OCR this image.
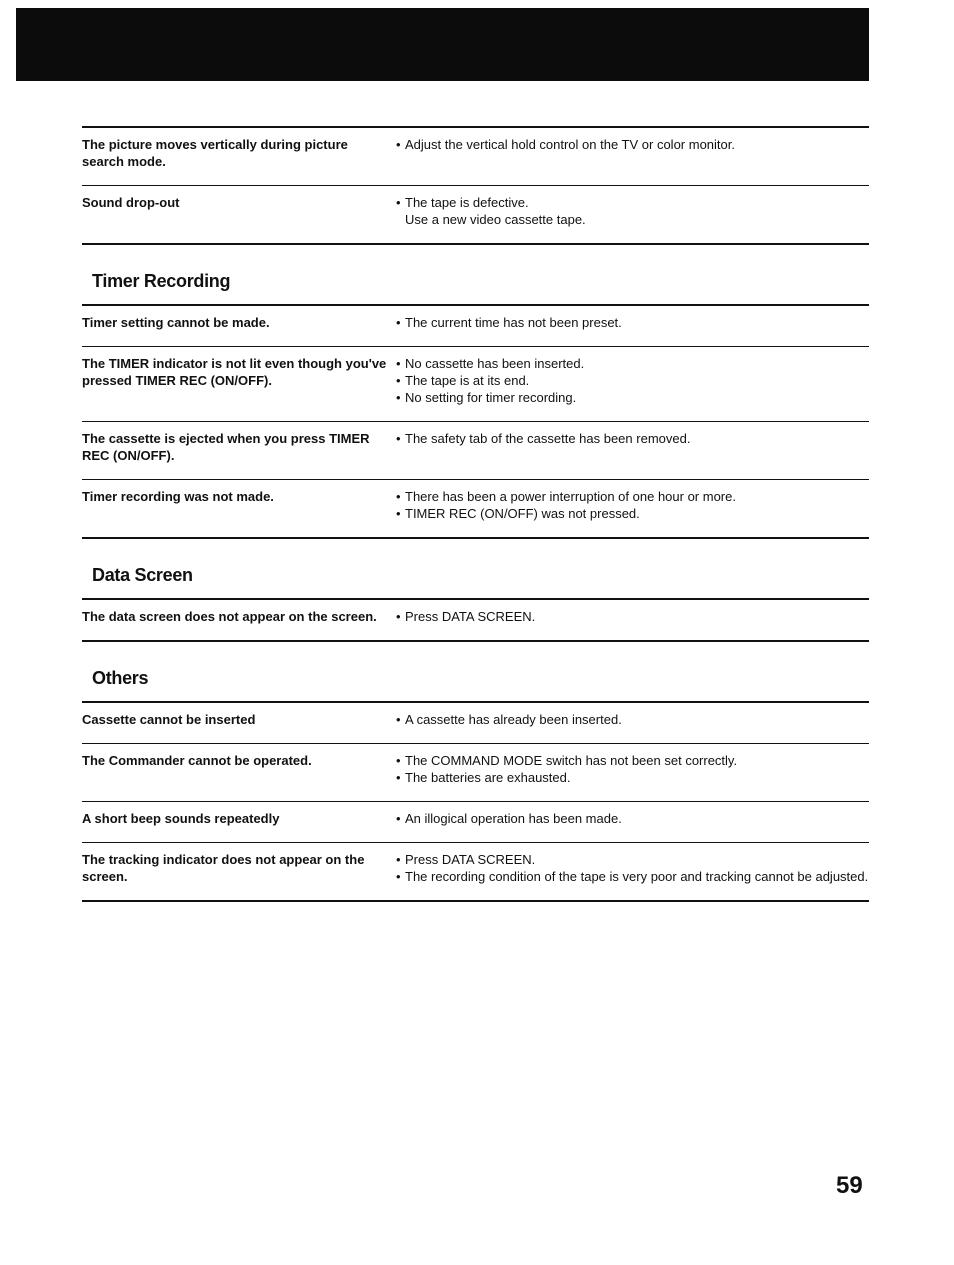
The picture moves vertically during picture search mode.
• Adjust the vertical hold control on the TV or color monitor.
Sound drop-out	• The tape is defective.
Use a new video cassette tape.
Timer Recording
Timer setting cannot be made.	• The current time has not been preset.
The TIMER indicator is not lit even though you've pressed TIMER REC (ON/OFF).
• No cassette has been inserted.
• The tape is at its end.
• No setting for timer recording.
The cassette is ejected when you press TIMER REC (ON/OFF).
• The safety tab of the cassette has been removed.
Timer recording was not made.	• There has been a power interruption of one hour or more.
• TIMER REC (ON/OFF) was not pressed.
Data Screen
The data screen does not appear on the screen.	• Press DATA SCREEN.
Others
Cassette cannot be inserted	• A cassette has already been inserted.
The Commander cannot be operated.	• The COMMAND MODE switch has not been set correctly.
• The batteries are exhausted.
A short beep sounds repeatedly	• An illogical operation has been made.
The tracking indicator does not appear on the screen.
• Press DATA SCREEN.
• The recording condition of the tape is very poor and tracking cannot be adjusted.
59
